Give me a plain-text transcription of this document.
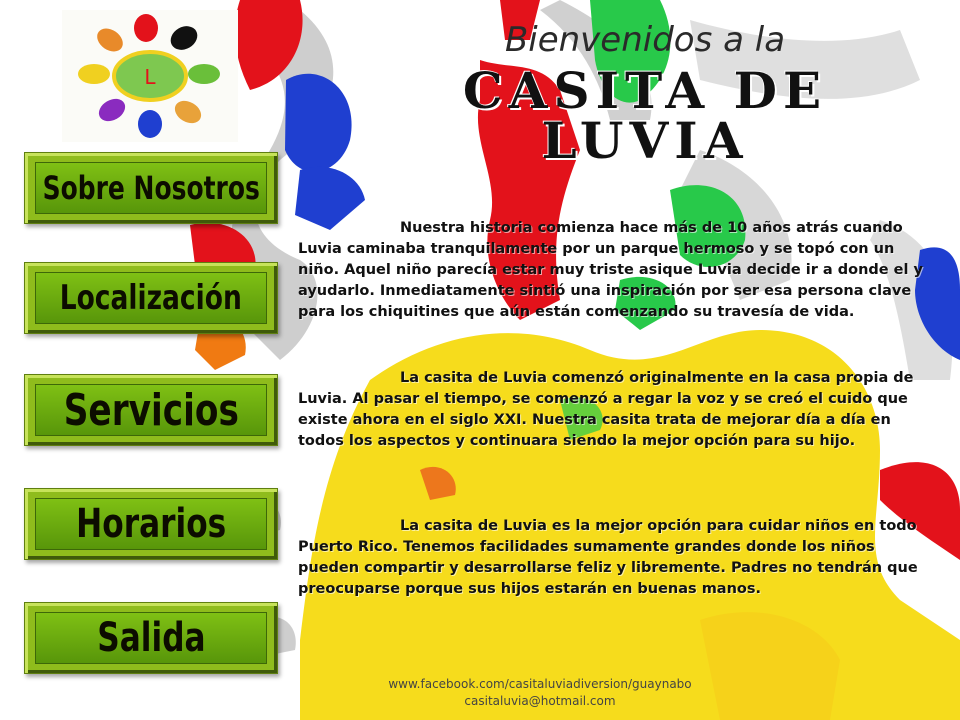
L
Sobre Nosotros
Localización
Servicios
Horarios
Salida
Bienvenidos a la
CASITA DE
LUVIA

Nuestra historia comienza hace más de 10 años atrás cuando Luvia caminaba tranquilamente por un parque hermoso y se topó con un niño. Aquel niño parecía estar muy triste asique Luvia decide ir a donde el y ayudarlo. Inmediatamente sintió una inspiración por ser esa persona clave para los chiquitines que aún están comenzando su travesía de vida.

La casita de Luvia comenzó originalmente en la casa propia de Luvia. Al pasar el tiempo, se comenzó a regar la voz y se creó el cuido que existe ahora en el siglo XXI. Nuestra casita trata de mejorar día a día en todos los aspectos y continuara siendo la mejor opción para su hijo.

La casita de Luvia es la mejor opción para cuidar niños en todo Puerto Rico. Tenemos facilidades sumamente grandes donde los niños pueden compartir y desarrollarse feliz y libremente. Padres no tendrán que preocuparse porque sus hijos estarán en buenas manos.

www.facebook.com/casitaluviadiversion/guaynabo
casitaluvia@hotmail.com
